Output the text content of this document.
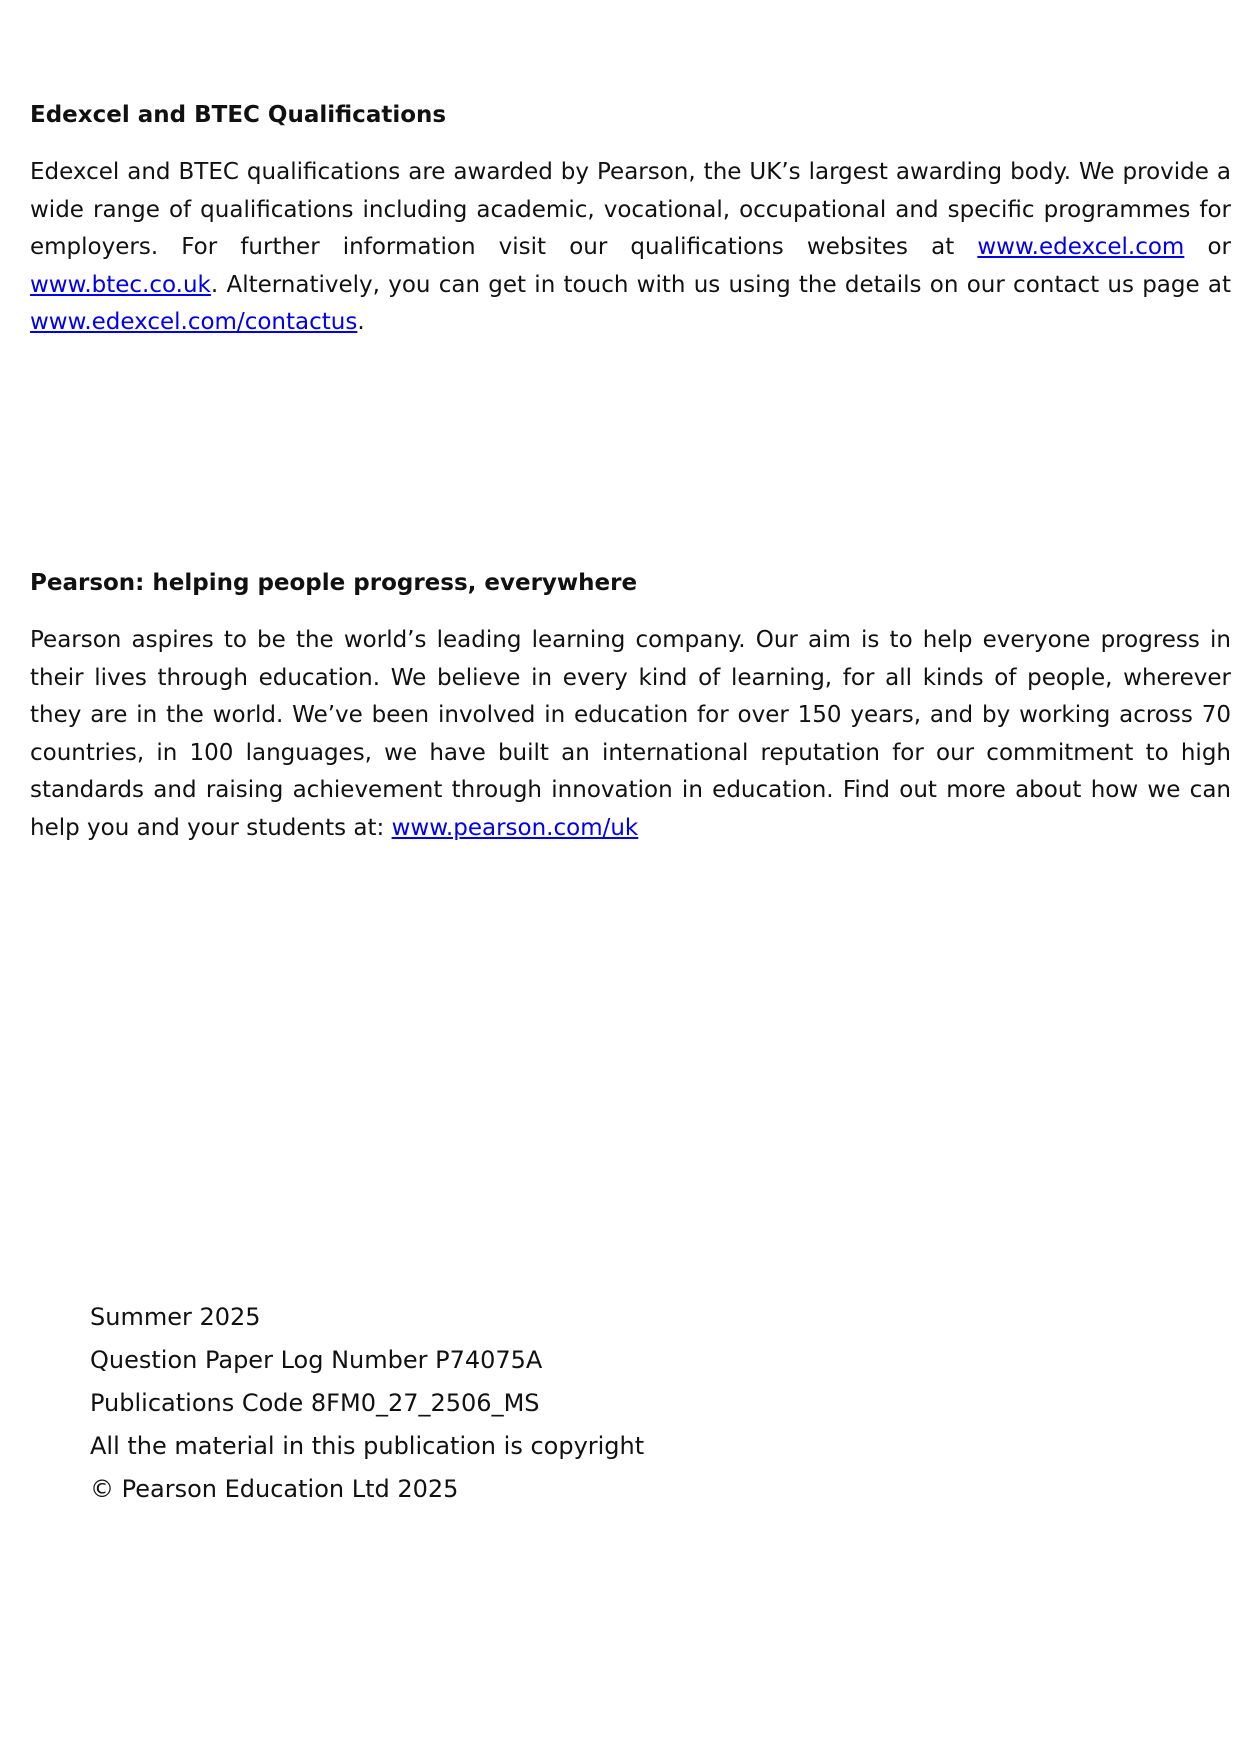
Edexcel and BTEC Qualifications

Edexcel and BTEC qualifications are awarded by Pearson, the UK’s largest awarding body. We provide a wide range of qualifications including academic, vocational, occupational and specific programmes for employers. For further information visit our qualifications websites at www.edexcel.com or www.btec.co.uk. Alternatively, you can get in touch with us using the details on our contact us page at www.edexcel.com/contactus.

Pearson: helping people progress, everywhere

Pearson aspires to be the world’s leading learning company. Our aim is to help everyone progress in their lives through education. We believe in every kind of learning, for all kinds of people, wherever they are in the world. We’ve been involved in education for over 150 years, and by working across 70 countries, in 100 languages, we have built an international reputation for our commitment to high standards and raising achievement through innovation in education. Find out more about how we can help you and your students at: www.pearson.com/uk

Summer 2025
Question Paper Log Number P74075A
Publications Code 8FM0_27_2506_MS
All the material in this publication is copyright
© Pearson Education Ltd 2025
